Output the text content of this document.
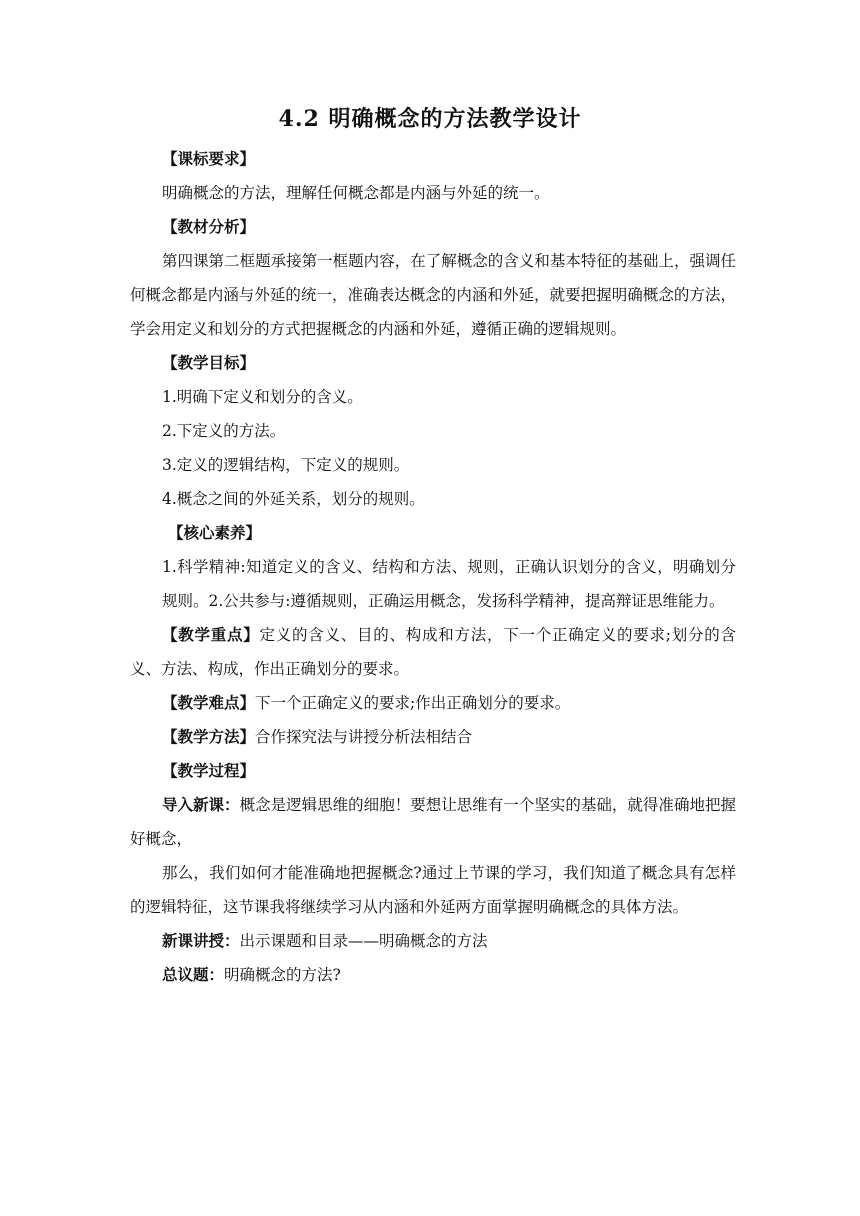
4.2 明确概念的方法教学设计

【课标要求】

明确概念的方法，理解任何概念都是内涵与外延的统一。

【教材分析】

第四课第二框题承接第一框题内容，在了解概念的含义和基本特征的基础上，强调任何概念都是内涵与外延的统一，准确表达概念的内涵和外延，就要把握明确概念的方法，学会用定义和划分的方式把握概念的内涵和外延，遵循正确的逻辑规则。

【教学目标】

1.明确下定义和划分的含义。

2.下定义的方法。

3.定义的逻辑结构，下定义的规则。

4.概念之间的外延关系，划分的规则。

【核心素养】

1.科学精神:知道定义的含义、结构和方法、规则，正确认识划分的含义，明确划分规则。2.公共参与:遵循规则，正确运用概念，发扬科学精神，提高辩证思维能力。

【教学重点】定义的含义、目的、构成和方法，下一个正确定义的要求;划分的含义、方法、构成，作出正确划分的要求。

【教学难点】下一个正确定义的要求;作出正确划分的要求。

【教学方法】合作探究法与讲授分析法相结合

【教学过程】

导入新课：概念是逻辑思维的细胞！要想让思维有一个坚实的基础，就得准确地把握好概念，

那么，我们如何才能准确地把握概念?通过上节课的学习，我们知道了概念具有怎样的逻辑特征，这节课我将继续学习从内涵和外延两方面掌握明确概念的具体方法。

新课讲授：出示课题和目录——明确概念的方法

总议题：明确概念的方法?
